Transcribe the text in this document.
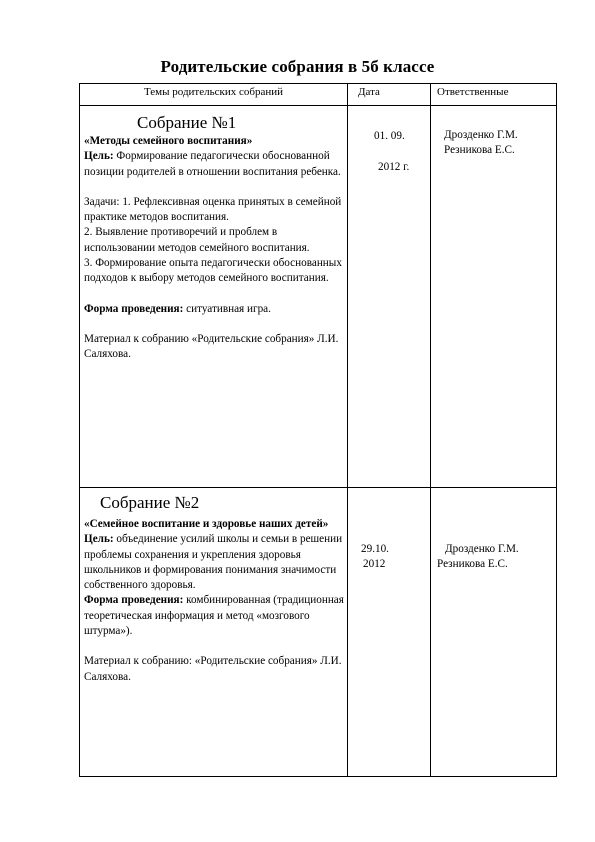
Родительские собрания в 5б классе
Темы родительских собраний	Дата	Ответственные
Собрание №1

«Методы семейного воспитания»

Цель: Формирование педагогически обоснованной позиции родителей в отношении воспитания ребенка.

Задачи: 1. Рефлексивная оценка принятых в семейной практике методов воспитания.

2. Выявление противоречий и проблем в использовании методов семейного воспитания.

3. Формирование опыта педагогически обоснованных подходов к выбору методов семейного воспитания.

Форма проведения: ситуативная игра.

Материал к собранию «Родительские собрания» Л.И. Саляхова.

01. 09.

2012 г.

Дрозденко Г.М.

Резникова Е.С.

Собрание №2

«Семейное воспитание и здоровье наших детей»

Цель: объединение усилий школы и семьи в решении проблемы сохранения и укрепления здоровья школьников и формирования понимания значимости собственного здоровья.

Форма проведения: комбинированная (традиционная теоретическая информация и метод «мозгового штурма»).

Материал к собранию: «Родительские собрания» Л.И. Саляхова.

29.10.

2012

Дрозденко Г.М.

Резникова Е.С.
